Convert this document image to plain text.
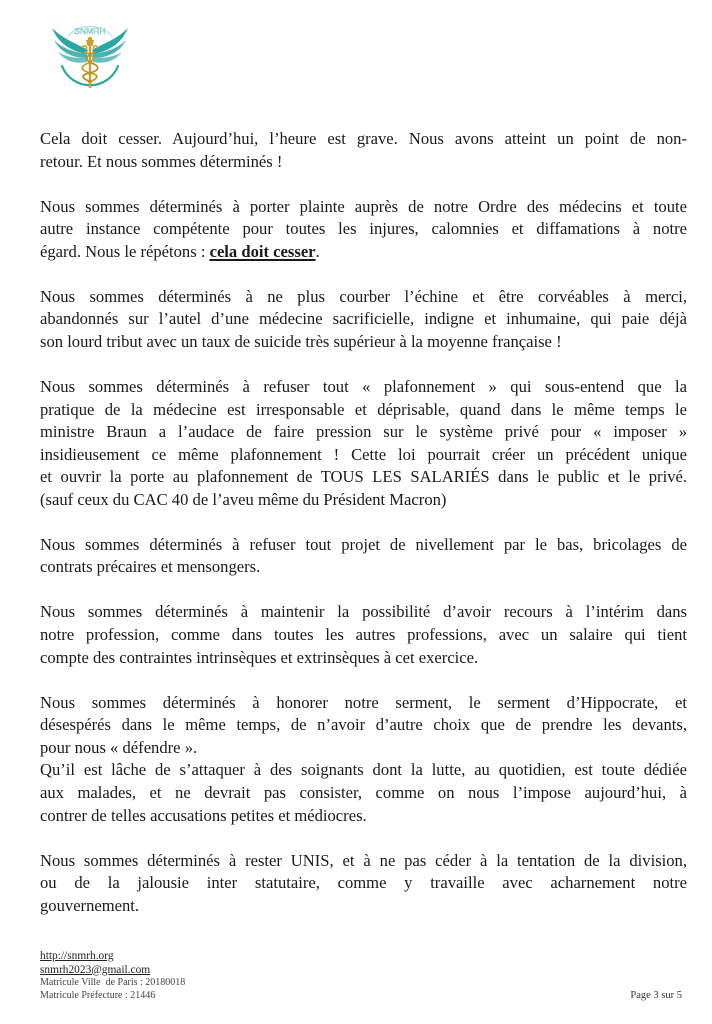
SNMRH
Cela doit cesser. Aujourd’hui, l’heure est grave. Nous avons atteint un point de non-
retour. Et nous sommes déterminés !
Nous sommes déterminés à porter plainte auprès de notre Ordre des médecins et toute
autre instance compétente pour toutes les injures, calomnies et diffamations à notre
égard. Nous le répétons : cela doit cesser.
Nous sommes déterminés à ne plus courber l’échine et être corvéables à merci,
abandonnés sur l’autel d’une médecine sacrificielle, indigne et inhumaine, qui paie déjà
son lourd tribut avec un taux de suicide très supérieur à la moyenne française !
Nous sommes déterminés à refuser tout « plafonnement » qui sous-entend que la
pratique de la médecine est irresponsable et déprisable, quand dans le même temps le
ministre Braun a l’audace de faire pression sur le système privé pour « imposer »
insidieusement ce même plafonnement ! Cette loi pourrait créer un précédent unique
et ouvrir la porte au plafonnement de TOUS LES SALARIÉS dans le public et le privé.
(sauf ceux du CAC 40 de l’aveu même du Président Macron)
Nous sommes déterminés à refuser tout projet de nivellement par le bas, bricolages de
contrats précaires et mensongers.
Nous sommes déterminés à maintenir la possibilité d’avoir recours à l’intérim dans
notre profession, comme dans toutes les autres professions, avec un salaire qui tient
compte des contraintes intrinsèques et extrinsèques à cet exercice.
Nous sommes déterminés à honorer notre serment, le serment d’Hippocrate, et
désespérés dans le même temps, de n’avoir d’autre choix que de prendre les devants,
pour nous « défendre ».
Qu’il est lâche de s’attaquer à des soignants dont la lutte, au quotidien, est toute dédiée
aux malades, et ne devrait pas consister, comme on nous l’impose aujourd’hui, à
contrer de telles accusations petites et médiocres.
Nous sommes déterminés à rester UNIS, et à ne pas céder à la tentation de la division,
ou de la jalousie inter statutaire, comme y travaille avec acharnement notre
gouvernement.
http://snmrh.org
snmrh2023@gmail.com
Matricule Ville  de Paris : 20180018
Matricule Préfecture : 21446	Page 3 sur 5
